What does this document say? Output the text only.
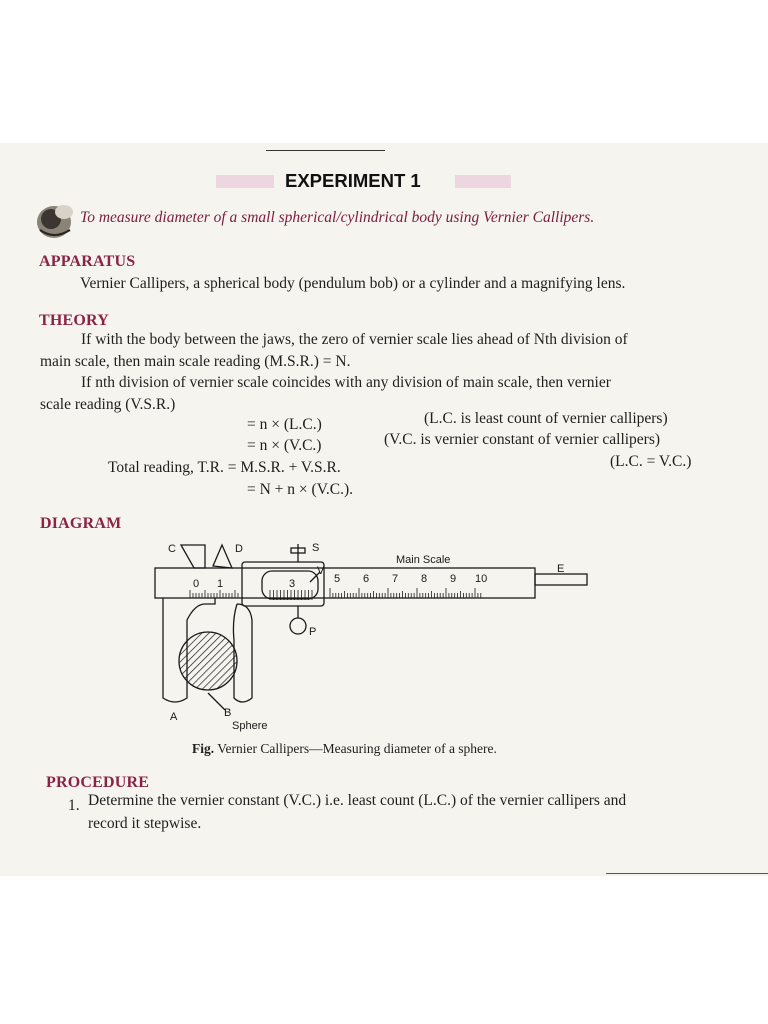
EXPERIMENT 1
To measure diameter of a small spherical/cylindrical body using Vernier Callipers.
APPARATUS
Vernier Callipers, a spherical body (pendulum bob) or a cylinder and a magnifying lens.
THEORY
If with the body between the jaws, the zero of vernier scale lies ahead of Nth division of
main scale, then main scale reading (M.S.R.) = N.
If nth division of vernier scale coincides with any division of main scale, then vernier
scale reading (V.S.R.)
= n × (L.C.)	(L.C. is least count of vernier callipers)
= n × (V.C.)	(V.C. is vernier constant of vernier callipers)
Total reading, T.R. = M.S.R. + V.S.R.	(L.C. = V.C.)
= N + n × (V.C.).
DIAGRAM
C	D	S
V
P
A	B
E
Main Scale
Sphere
0 1	3	5 6 7 8 9 10
Fig. Vernier Callipers—Measuring diameter of a sphere.
PROCEDURE
1. Determine the vernier constant (V.C.) i.e. least count (L.C.) of the vernier callipers and
record it stepwise.
